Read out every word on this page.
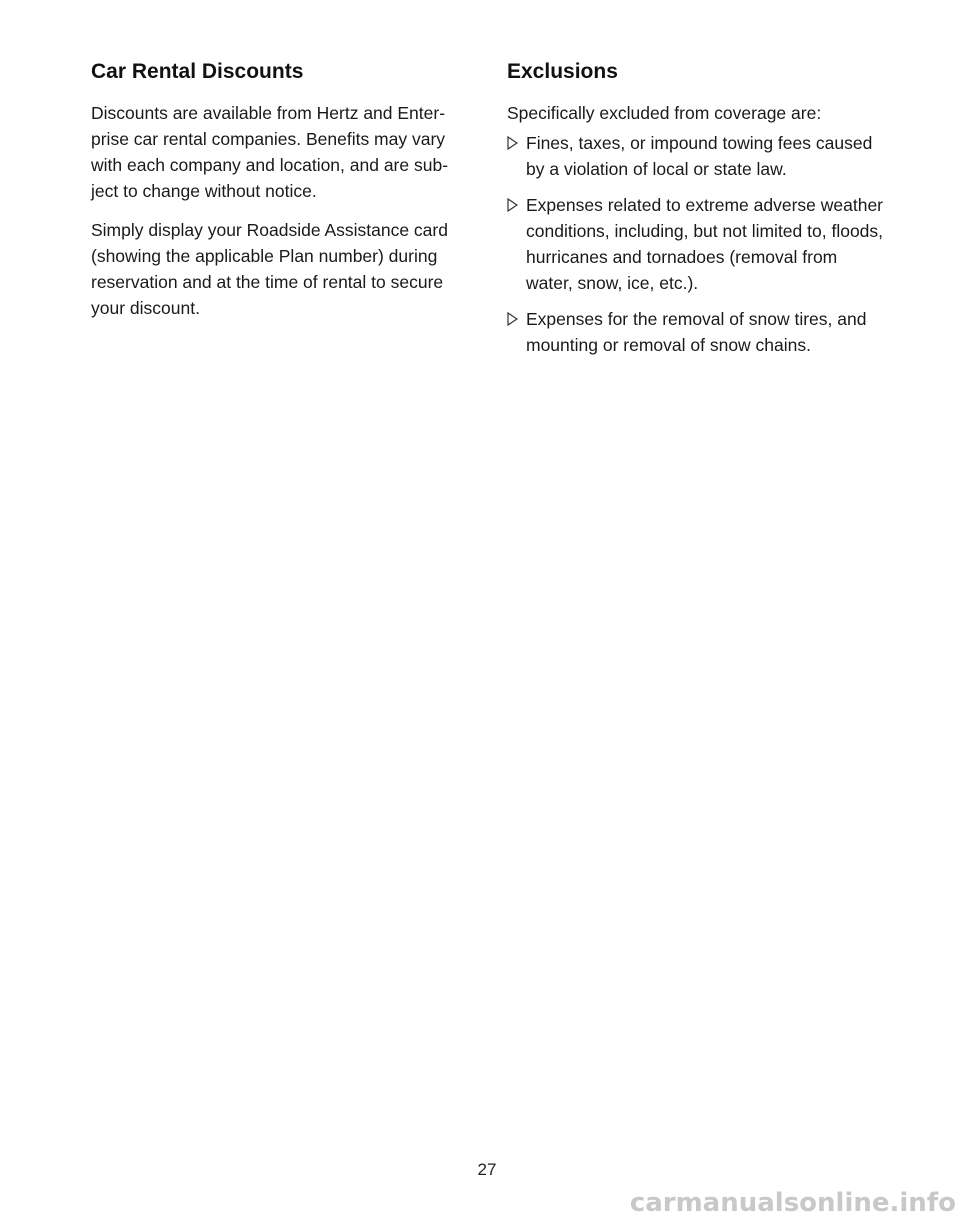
Car Rental Discounts

Discounts are available from Hertz and Enterprise car rental companies. Benefits may vary with each company and location, and are subject to change without notice.

Simply display your Roadside Assistance card (showing the applicable Plan number) during reservation and at the time of rental to secure your discount.

Exclusions

Specifically excluded from coverage are:

Fines, taxes, or impound towing fees caused by a violation of local or state law.
Expenses related to extreme adverse weather conditions, including, but not limited to, floods, hurricanes and tornadoes (removal from water, snow, ice, etc.).
Expenses for the removal of snow tires, and mounting or removal of snow chains.
27
carmanualsonline.info
